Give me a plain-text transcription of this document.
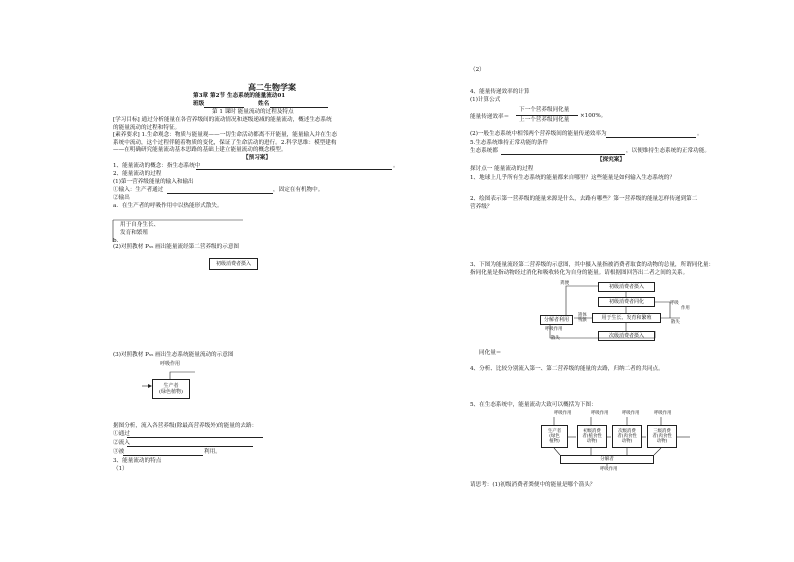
高二生物学案
第3章 第2节 生态系统的能量流动01
班级	姓名
第 1 课时 能量流动的过程及特点
[学习目标] 通过分析能量在各营养级间的流动情况和逐级递减的能量流动，概述生态系统
的能量流动的过程和特征。
[素养要求] 1.生命观念：物质与能量观——一切生命活动都离不开能量，能量输入并在生态
系统中流动，这个过程伴随着物质的变化，保证了生命活动的进行。2.科学思维：模型建构
——在明确研究能量流动基本思路的基础上建立能量流动的概念模型。
【预习案】
1、能量流动的概念：指生态系统中	。
2、能量流动的过程
(1)第一营养级能量的输入和输出
①输入：生产者通过	，固定在有机物中。
②输出
a．在生产者的呼吸作用中以热能形式散失。
用于自身生长、
发育和繁殖
b.
(2)对照教材 P₅₅ 画出能量流经第二营养级的示意图
初级消费者摄入
(3)对照教材 P₅₅ 画出生态系统能量流动的示意图
呼吸作用
生产者
(绿色植物)
据图分析，流入各营养级(除最高营养级外)的能量的去路：
①通过
②流入
③被	利用。
3、能量流动的特点
（1）
（2）
4、能量传递效率的计算
(1)计算公式
能量传递效率＝
下一个营养级同化量
上一个营养级同化量
×100%。
(2)一般生态系统中相邻两个营养级间的能量传递效率为	。
5.生态系统维持正常功能的条件
生态系统都	，以便维持生态系统的正常功能。
【探究案】
探讨点一 能量流动的过程
1、地球上几乎所有生态系统的能量都来自哪里？这些能量是如何输入生态系统的？
2、绘图表示第一营养级的能量来源是什么，去路有哪些？第一营养级的能量怎样传递到第二
营养级？
3、下图为能量流经第二营养级的示意图，其中摄入量指被消费者取食的动物的总量，所谓同化量：
指同化量是指动物经过消化和吸收转化为自身的能量。请根据图回答出二者之间的关系。
粪便
初级消费者摄入
初级消费者同化
用于生长、发育和繁殖
次级消费者摄入
分解者利用
遗体
残骸
呼吸作用
散失
呼吸
作用
散失
同化量＝
4、分析、比较分别流入第一、第二营养级的能量的去路，归纳二者的共同点。
5、在生态系统中，能量流动大致可以概括为下图：
呼吸作用	呼吸作用	呼吸作用	呼吸作用
生产者
(绿色
植物)
初级消费
者(植食性
动物)
次级消费
者(肉食性
动物)
三级消费
者(肉食性
动物)
分解者
呼吸作用
请思考：(1)初级消费者粪便中的能量是哪个箭头？
